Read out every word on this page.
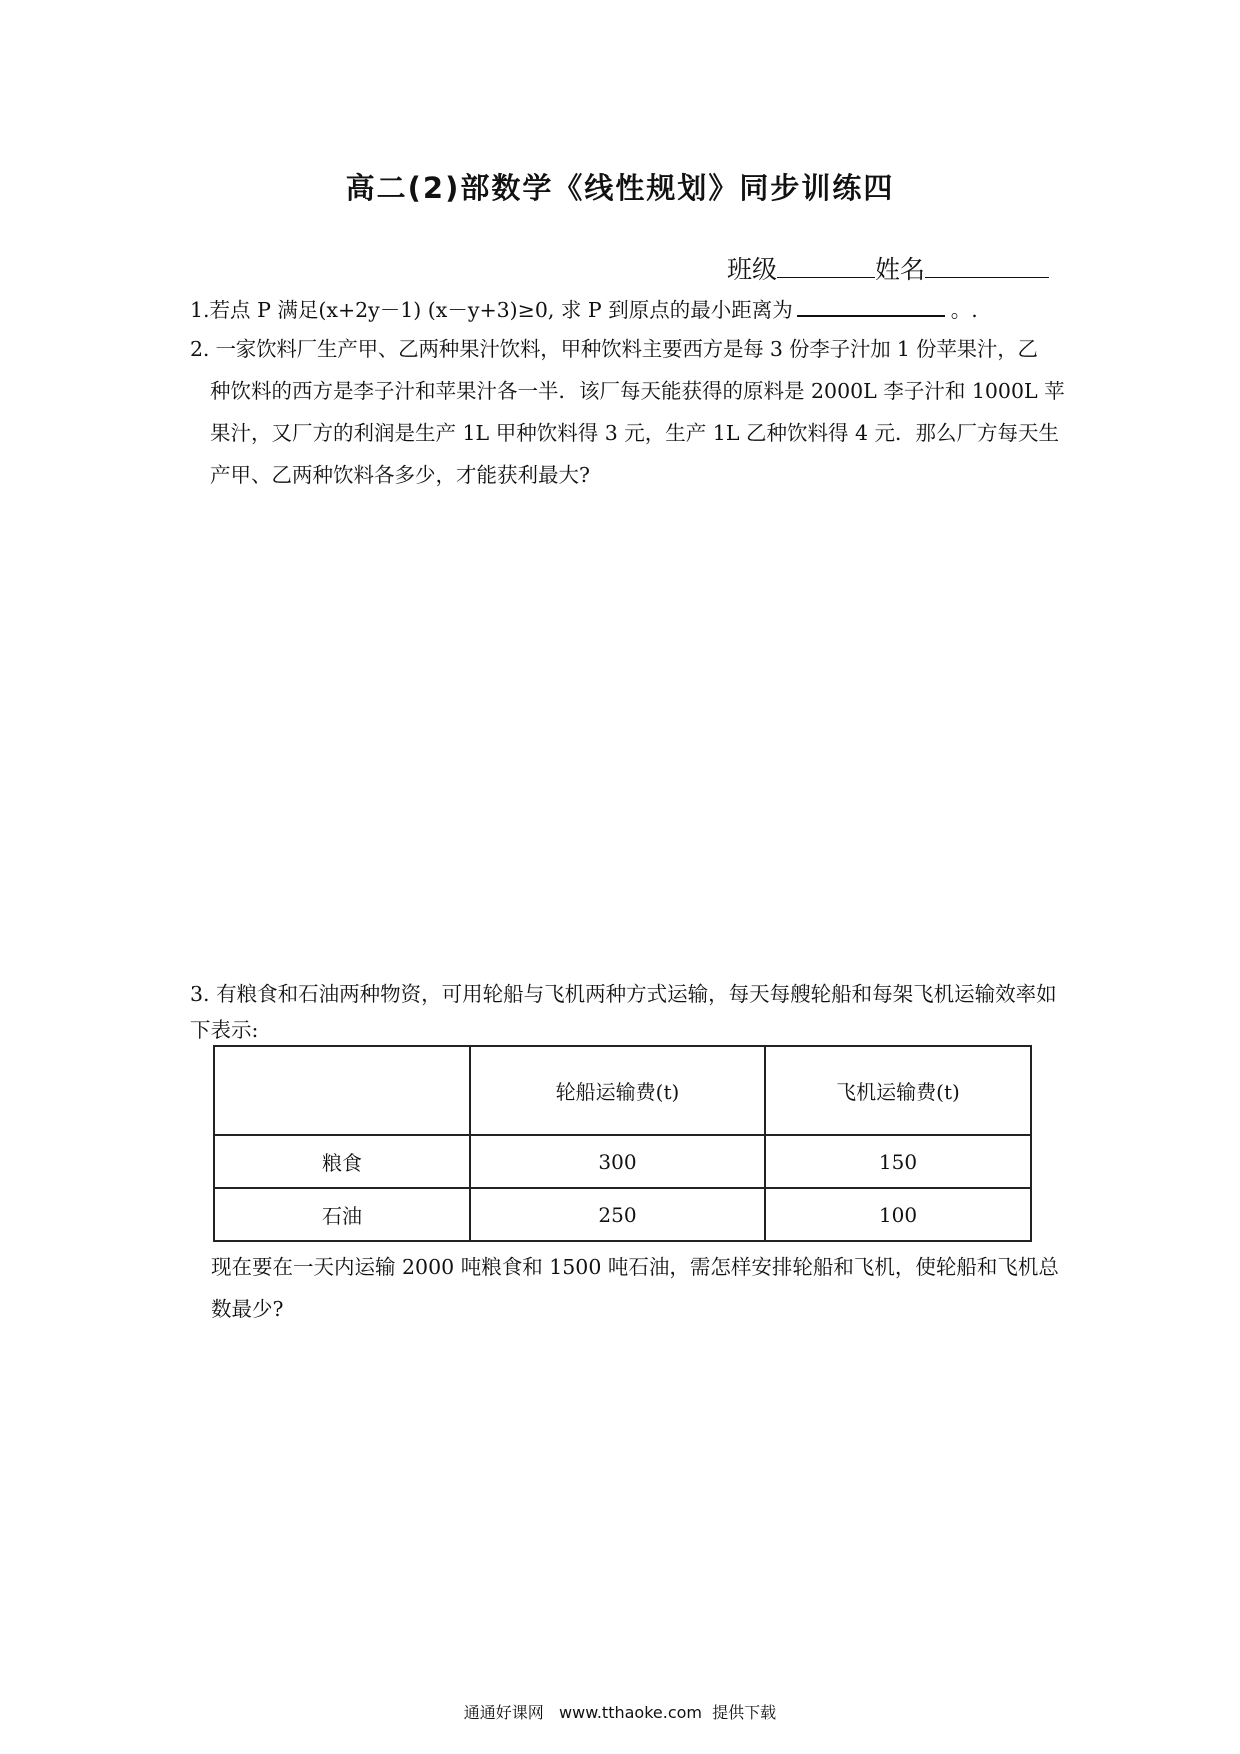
高二(2)部数学《线性规划》同步训练四
班级	姓名
1.若点 P 满足(x+2y－1) (x－y+3)≥0, 求 P 到原点的最小距离为	。.
2. 一家饮料厂生产甲、乙两种果汁饮料，甲种饮料主要西方是每 3 份李子汁加 1 份苹果汁，乙
种饮料的西方是李子汁和苹果汁各一半．该厂每天能获得的原料是 2000L 李子汁和 1000L 苹果汁，又厂方的利润是生产 1L 甲种饮料得 3 元，生产 1L 乙种饮料得 4 元．那么厂方每天生产甲、乙两种饮料各多少，才能获利最大?
3. 有粮食和石油两种物资，可用轮船与飞机两种方式运输，每天每艘轮船和每架飞机运输效率如下表示:
	轮船运输费(t)	飞机运输费(t)
粮食	300	150
石油	250	100
现在要在一天内运输 2000 吨粮食和 1500 吨石油，需怎样安排轮船和飞机，使轮船和飞机总数最少?
通通好课网   www.tthaoke.com  提供下载
